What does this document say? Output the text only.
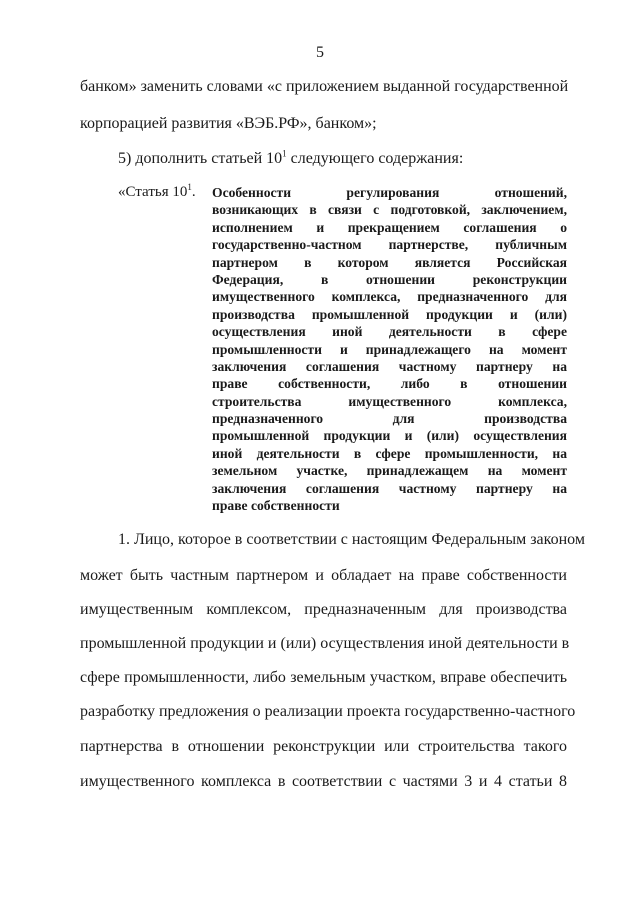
5
банком» заменить словами «с приложением выданной государственной
корпорацией развития «ВЭБ.РФ», банком»;
5) дополнить статьей $10^1$ следующего содержания:
«Статья $10^1$. Особенности регулирования отношений,
возникающих в связи с подготовкой, заключением,
исполнением и прекращением соглашения о
государственно-частном партнерстве, публичным
партнером в котором является Российская
Федерация, в отношении реконструкции
имущественного комплекса, предназначенного для
производства промышленной продукции и (или)
осуществления иной деятельности в сфере
промышленности и принадлежащего на момент
заключения соглашения частному партнеру на
праве собственности, либо в отношении
строительства имущественного комплекса,
предназначенного для производства
промышленной продукции и (или) осуществления
иной деятельности в сфере промышленности, на
земельном участке, принадлежащем на момент
заключения соглашения частному партнеру на
праве собственности
1. Лицо, которое в соответствии с настоящим Федеральным законом
может быть частным партнером и обладает на праве собственности
имущественным комплексом, предназначенным для производства
промышленной продукции и (или) осуществления иной деятельности в
сфере промышленности, либо земельным участком, вправе обеспечить
разработку предложения о реализации проекта государственно-частного
партнерства в отношении реконструкции или строительства такого
имущественного комплекса в соответствии с частями 3 и 4 статьи 8
